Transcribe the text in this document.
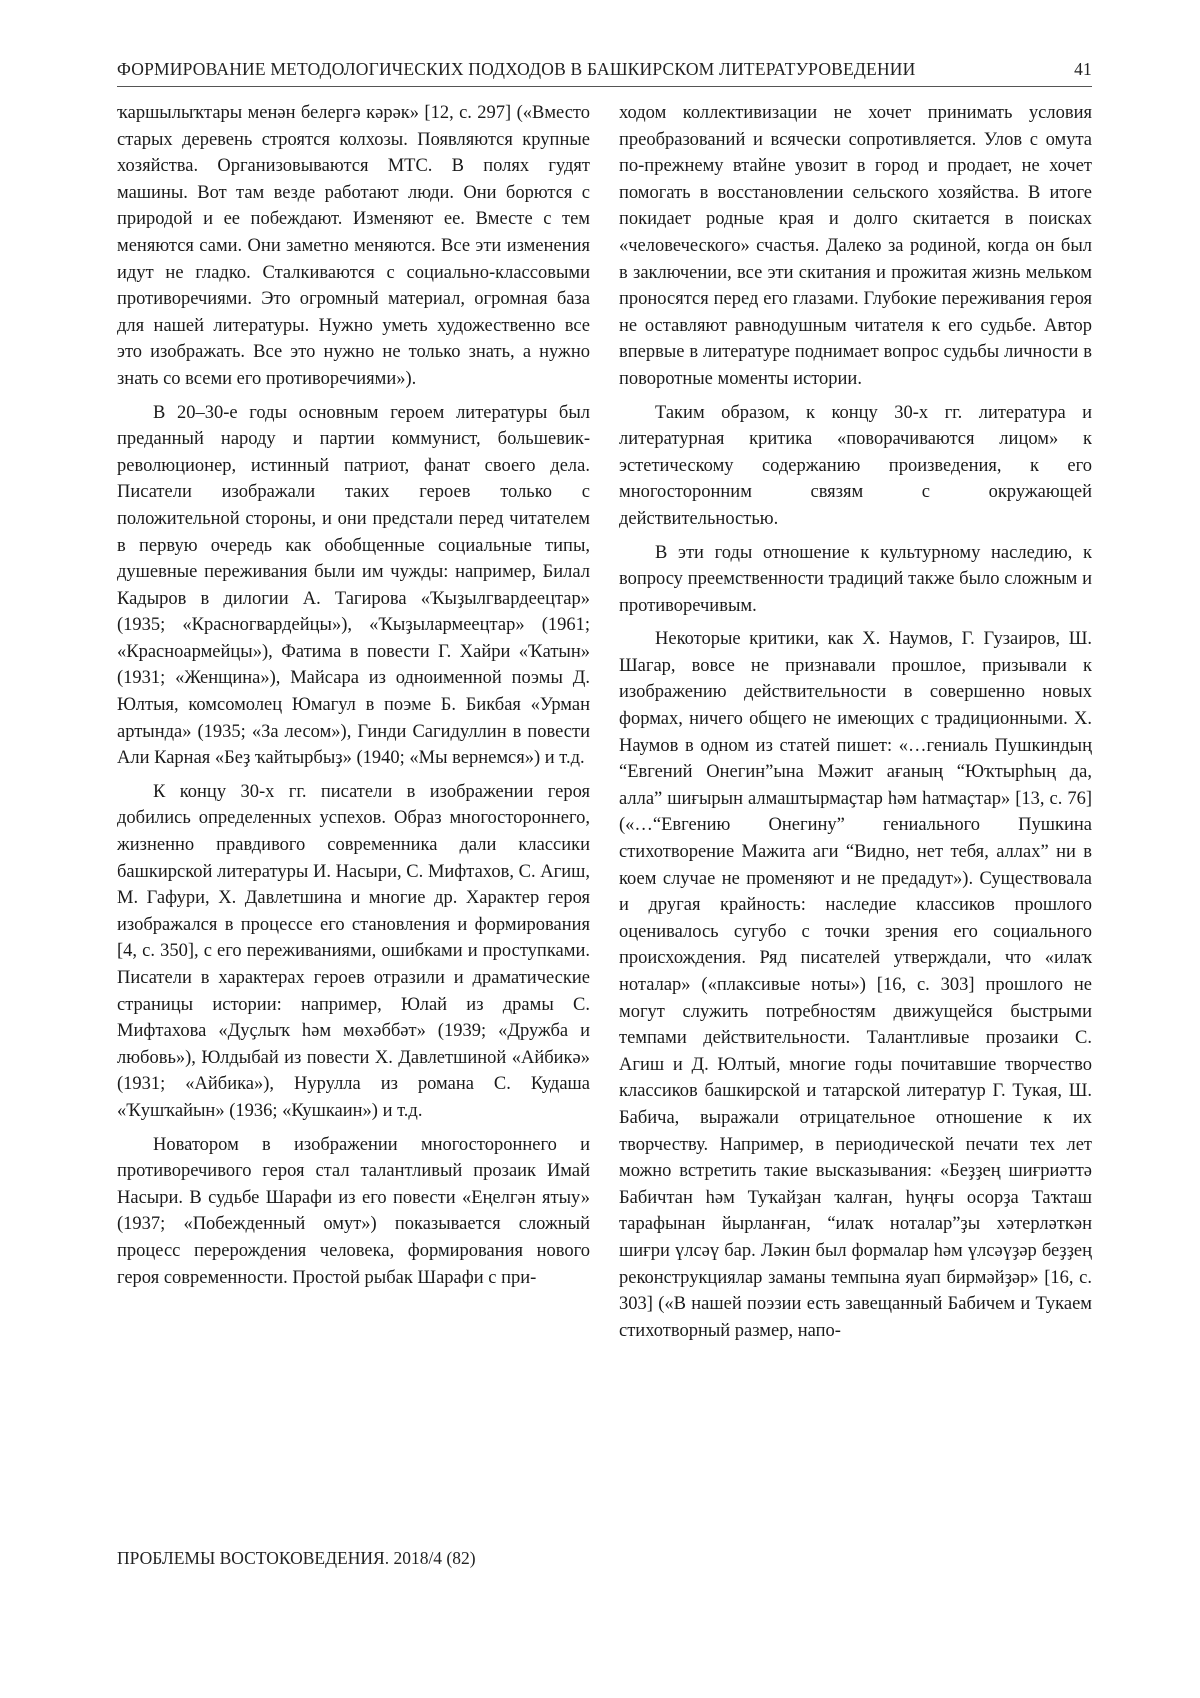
ФОРМИРОВАНИЕ МЕТОДОЛОГИЧЕСКИХ ПОДХОДОВ В БАШКИРСКОМ ЛИТЕРАТУРОВЕДЕНИИ	41

ҡаршылыҡтары менән белергә кәрәк» [12, с. 297] («Вместо старых деревень строятся колхозы. Появляются крупные хозяйства. Организовываются МТС. В полях гудят машины. Вот там везде работают люди. Они борются с природой и ее побеждают. Изменяют ее. Вместе с тем меняются сами. Они заметно меняются. Все эти изменения идут не гладко. Сталкиваются с социально-классовыми противоречиями. Это огромный материал, огромная база для нашей литературы. Нужно уметь художественно все это изображать. Все это нужно не только знать, а нужно знать со всеми его противоречиями»).

В 20–30-е годы основным героем литературы был преданный народу и партии коммунист, большевик-революционер, истинный патриот, фанат своего дела. Писатели изображали таких героев только с положительной стороны, и они предстали перед читателем в первую очередь как обобщенные социальные типы, душевные переживания были им чужды: например, Билал Кадыров в дилогии А. Тагирова «Ҡыҙылгвардеецтар» (1935; «Красногвардейцы»), «Ҡыҙылармеецтар» (1961; «Красноармейцы»), Фатима в повести Г. Хайри «Ҡатын» (1931; «Женщина»), Майсара из одноименной поэмы Д. Юлтыя, комсомолец Юмагул в поэме Б. Бикбая «Урман артында» (1935; «За лесом»), Гинди Сагидуллин в повести Али Карная «Беҙ ҡайтырбыҙ» (1940; «Мы вернемся») и т.д.

К концу 30-х гг. писатели в изображении героя добились определенных успехов. Образ многостороннего, жизненно правдивого современника дали классики башкирской литературы И. Насыри, С. Мифтахов, С. Агиш, М. Гафури, Х. Давлетшина и многие др. Характер героя изображался в процессе его становления и формирования [4, с. 350], с его переживаниями, ошибками и проступками. Писатели в характерах героев отразили и драматические страницы истории: например, Юлай из драмы С. Мифтахова «Дуҫлыҡ һәм мөхәббәт» (1939; «Дружба и любовь»), Юлдыбай из повести Х. Давлетшиной «Айбикә» (1931; «Айбика»), Нурулла из романа С. Кудаша «Ҡушҡайын» (1936; «Кушкаин») и т.д.

Новатором в изображении многостороннего и противоречивого героя стал талантливый прозаик Имай Насыри. В судьбе Шарафи из его повести «Еңелгән ятыу» (1937; «Побежденный омут») показывается сложный процесс перерождения человека, формирования нового героя современности. Простой рыбак Шарафи с при-

ходом коллективизации не хочет принимать условия преобразований и всячески сопротивляется. Улов с омута по-прежнему втайне увозит в город и продает, не хочет помогать в восстановлении сельского хозяйства. В итоге покидает родные края и долго скитается в поисках «человеческого» счастья. Далеко за родиной, когда он был в заключении, все эти скитания и прожитая жизнь мельком проносятся перед его глазами. Глубокие переживания героя не оставляют равнодушным читателя к его судьбе. Автор впервые в литературе поднимает вопрос судьбы личности в поворотные моменты истории.

Таким образом, к концу 30-х гг. литература и литературная критика «поворачиваются лицом» к эстетическому содержанию произведения, к его многосторонним связям с окружающей действительностью.

В эти годы отношение к культурному наследию, к вопросу преемственности традиций также было сложным и противоречивым.

Некоторые критики, как Х. Наумов, Г. Гузаиров, Ш. Шагар, вовсе не признавали прошлое, призывали к изображению действительности в совершенно новых формах, ничего общего не имеющих с традиционными. Х. Наумов в одном из статей пишет: «…гениаль Пушкиндың “Евгений Онегин”ына Мәжит ағаның “Юҡтырһың да, алла” шиғырын алмаштырмаҫтар һәм һатмаҫтар» [13, с. 76] («…“Евгению Онегину” гениального Пушкина стихотворение Мажита аги “Видно, нет тебя, аллах” ни в коем случае не променяют и не предадут»). Существовала и другая крайность: наследие классиков прошлого оценивалось сугубо с точки зрения его социального происхождения. Ряд писателей утверждали, что «илаҡ ноталар» («плаксивые ноты») [16, с. 303] прошлого не могут служить потребностям движущейся быстрыми темпами действительности. Талантливые прозаики С. Агиш и Д. Юлтый, многие годы почитавшие творчество классиков башкирской и татарской литератур Г. Тукая, Ш. Бабича, выражали отрицательное отношение к их творчеству. Например, в периодической печати тех лет можно встретить такие высказывания: «Беҙҙең шиғриәттә Бабичтан һәм Туҡайҙан ҡалған, һуңғы осорҙа Таҡташ тарафынан йырланған, “илаҡ ноталар”ҙы хәтерләткән шиғри үлсәү бар. Ләкин был формалар һәм үлсәүҙәр беҙҙең реконструкциялар заманы темпына яуап бирмәйҙәр» [16, с. 303] («В нашей поэзии есть завещанный Бабичем и Тукаем стихотворный размер, напо-

ПРОБЛЕМЫ ВОСТОКОВЕДЕНИЯ. 2018/4 (82)
